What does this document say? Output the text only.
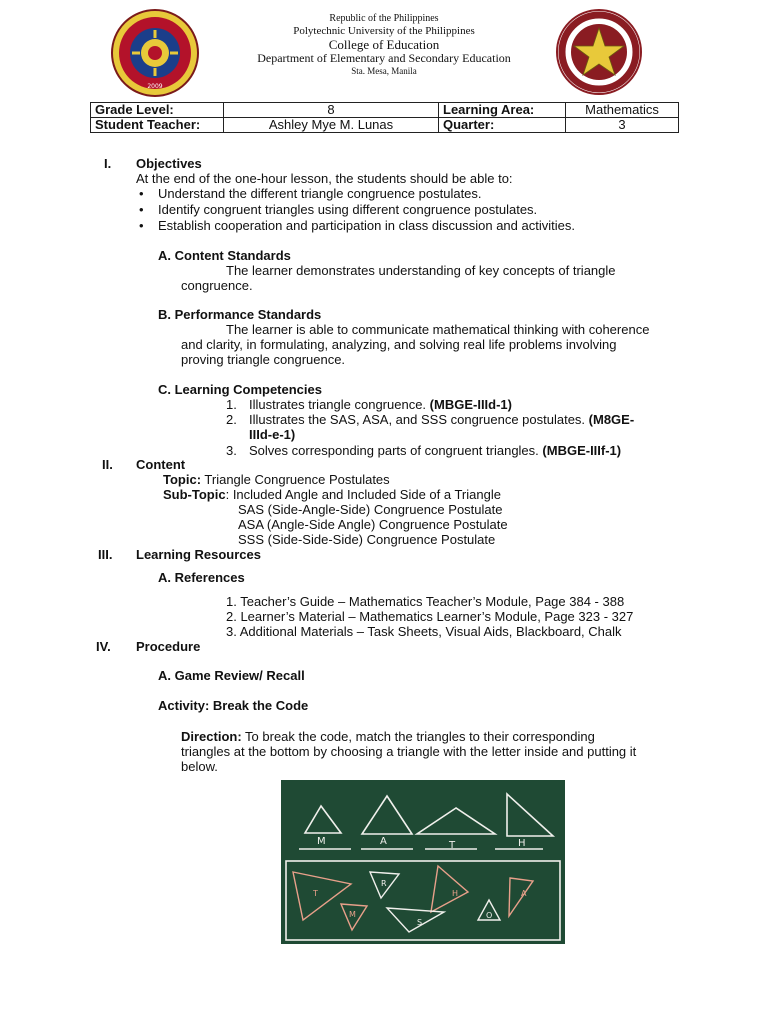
2009
1904
Republic of the Philippines
Polytechnic University of the Philippines
College of Education
Department of Elementary and Secondary Education
Sta. Mesa, Manila
Grade Level:	8	Learning Area:	Mathematics
Student Teacher:	Ashley Mye M. Lunas	Quarter:	3
I. Objectives
At the end of the one-hour lesson, the students should be able to:
• Understand the different triangle congruence postulates.
• Identify congruent triangles using different congruence postulates.
• Establish cooperation and participation in class discussion and activities.
A. Content Standards
The learner demonstrates understanding of key concepts of triangle
congruence.
B. Performance Standards
The learner is able to communicate mathematical thinking with coherence
and clarity, in formulating, analyzing, and solving real life problems involving
proving triangle congruence.
C. Learning Competencies
1. Illustrates triangle congruence. (MBGE-IIId-1)
2. Illustrates the SAS, ASA, and SSS congruence postulates. (M8GE-
IIId-e-1)
3. Solves corresponding parts of congruent triangles. (MBGE-IIIf-1)
II. Content
Topic: Triangle Congruence Postulates
Sub-Topic: Included Angle and Included Side of a Triangle
SAS (Side-Angle-Side) Congruence Postulate
ASA (Angle-Side Angle) Congruence Postulate
SSS (Side-Side-Side) Congruence Postulate
III. Learning Resources
A. References
1. Teacher’s Guide – Mathematics Teacher’s Module, Page 384 - 388
2. Learner’s Material – Mathematics Learner’s Module, Page 323 - 327
3. Additional Materials – Task Sheets, Visual Aids, Blackboard, Chalk
IV. Procedure
A. Game Review/ Recall
Activity: Break the Code
Direction: To break the code, match the triangles to their corresponding
triangles at the bottom by choosing a triangle with the letter inside and putting it
below.
M	A	T	H
T
R
H	A
M
S
O
